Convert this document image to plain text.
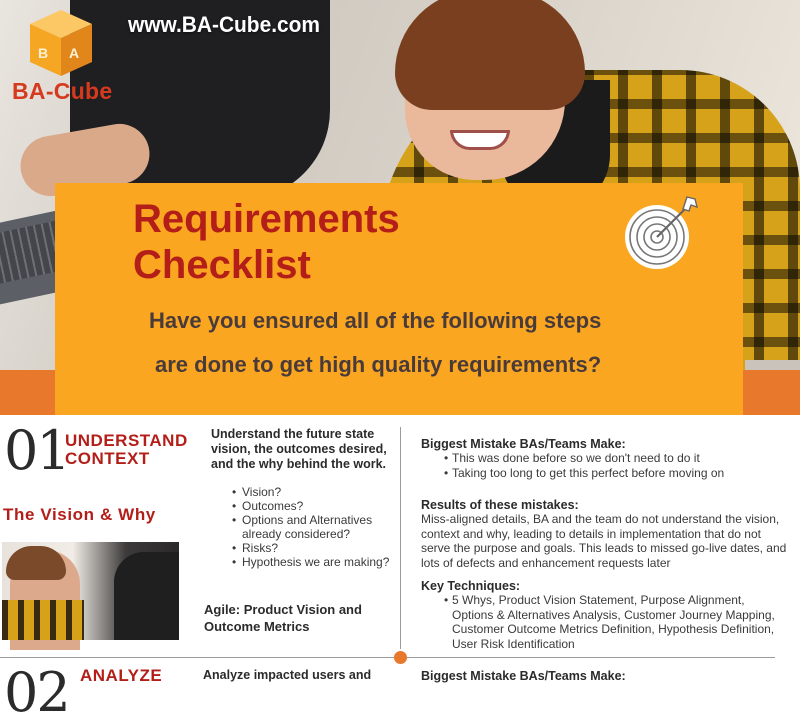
B A
BA-Cube
www.BA-Cube.com
Requirements Checklist
Have you ensured all of the following steps
are done to get high quality requirements?
01
UNDERSTAND CONTEXT
The Vision & Why
Understand the future state vision, the outcomes desired, and the why behind the work.
• Vision?
• Outcomes?
• Options and Alternatives already considered?
• Risks?
• Hypothesis we are making?
Agile: Product Vision and Outcome Metrics
Biggest Mistake BAs/Teams Make:
• This was done before so we don't need to do it
• Taking too long to get this perfect before moving on
Results of these mistakes:
Miss-aligned details, BA and the team do not understand the vision, context and why, leading to details in implementation that do not serve the purpose and goals. This leads to missed go-live dates, and lots of defects and enhancement requests later
Key Techniques:
• 5 Whys, Product Vision Statement, Purpose Alignment, Options & Alternatives Analysis, Customer Journey Mapping, Customer Outcome Metrics Definition, Hypothesis Definition, User Risk Identification
02 ANALYZE	Analyze impacted users and	Biggest Mistake BAs/Teams Make:
